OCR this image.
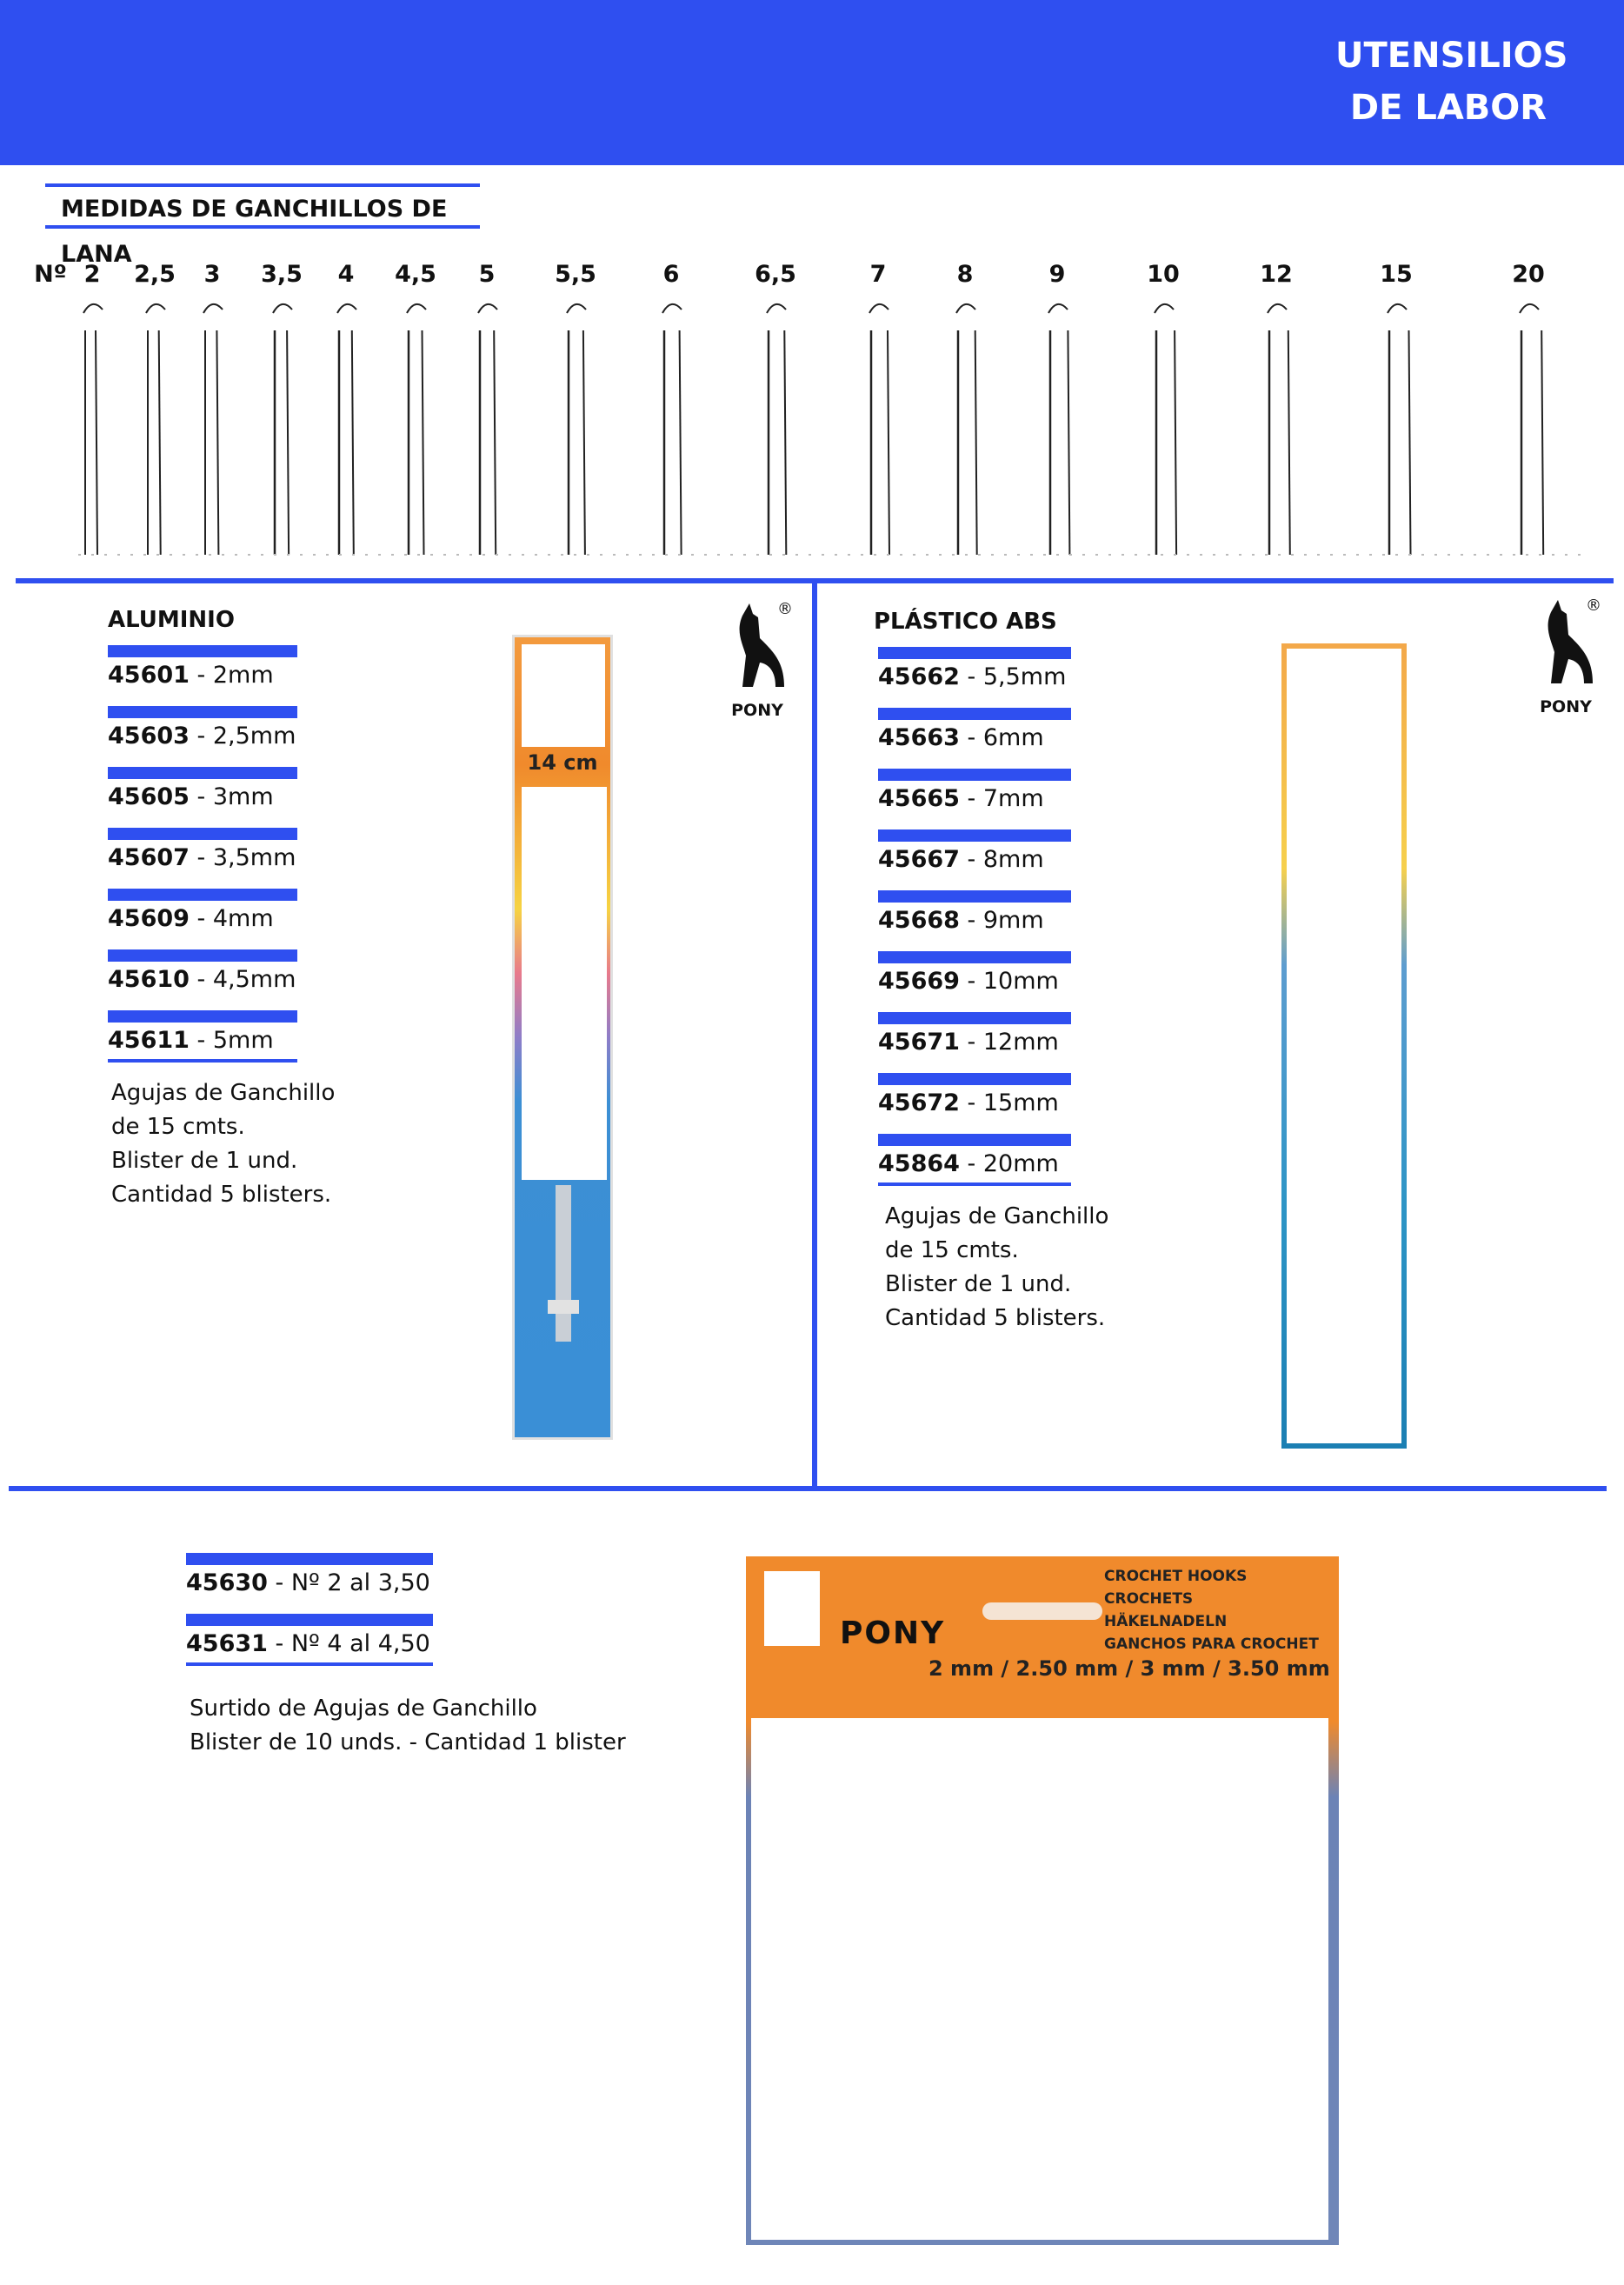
UTENSILIOS
DE LABOR
MEDIDAS DE GANCHILLOS DE LANA
Nº 2 2,5 3 3,5 4 4,5 5	5,5	6	6,5	7	8	9	10	12	15	20
ALUMINIO
45601 - 2mm
45603 - 2,5mm
45605 - 3mm
45607 - 3,5mm
45609 - 4mm
45610 - 4,5mm
45611 - 5mm
Agujas de Ganchillo
de 15 cmts.
Blister de 1 und.
Cantidad 5 blisters.
14 cm
®
PONY
PLÁSTICO ABS
45662 - 5,5mm
45663 - 6mm
45665 - 7mm
45667 - 8mm
45668 - 9mm
45669 - 10mm
45671 - 12mm
45672 - 15mm
45864 - 20mm
Agujas de Ganchillo
de 15 cmts.
Blister de 1 und.
Cantidad 5 blisters.
®
PONY
45630 - Nº 2 al 3,50
45631 - Nº 4 al 4,50
Surtido de Agujas de Ganchillo
Blister de 10 unds. - Cantidad 1 blister
PONY
CROCHET HOOKS
CROCHETS
HÄKELNADELN
GANCHOS PARA CROCHET
2 mm / 2.50 mm / 3 mm / 3.50 mm
